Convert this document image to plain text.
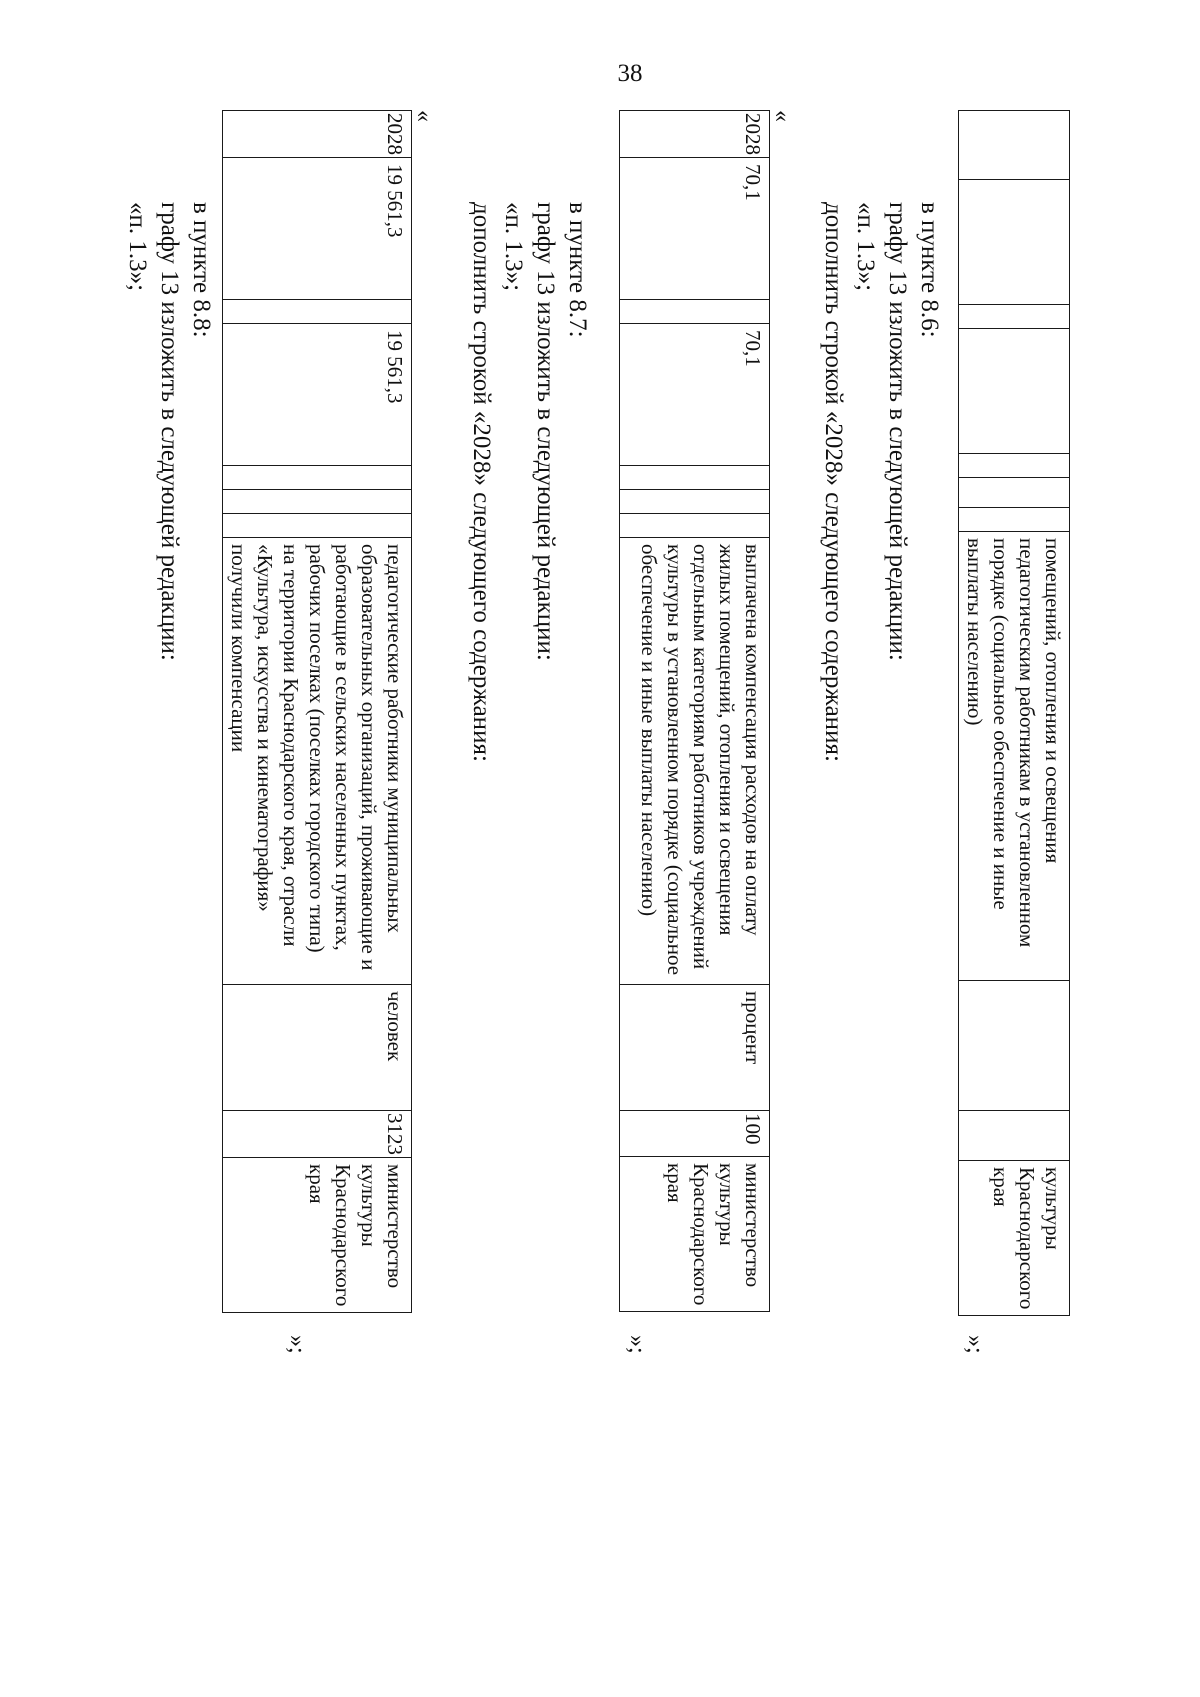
38
							помещений, отопления и освещения педагогическим работникам в установленном порядке (социальное обеспечение и иные выплаты населению)			культуры Краснодарского края
»;
в пункте 8.6:
графу 13 изложить в следующей редакции:
«п. 1.3»;
дополнить строкой «2028» следующего содержания:
«
2028	70,1		70,1				выплачена компенсация расходов на оплату жилых помещений, отопления и освещения отдельным категориям работников учреждений культуры в установленном порядке (социальное обеспечение и иные выплаты населению)	процент	100	министерство культуры Краснодарского края
»;
в пункте 8.7:
графу 13 изложить в следующей редакции:
«п. 1.3»;
дополнить строкой «2028» следующего содержания:
«
2028	19 561,3		19 561,3				педагогические работники муниципальных образовательных организаций, проживающие и работающие в сельских населенных пунктах, рабочих поселках (поселках городского типа) на территории Краснодарского края, отрасли «Культура, искусства и кинематография» получили компенсации	человек	3123	министерство культуры Краснодарского края
»;
в пункте 8.8:
графу 13 изложить в следующей редакции:
«п. 1.3»;
